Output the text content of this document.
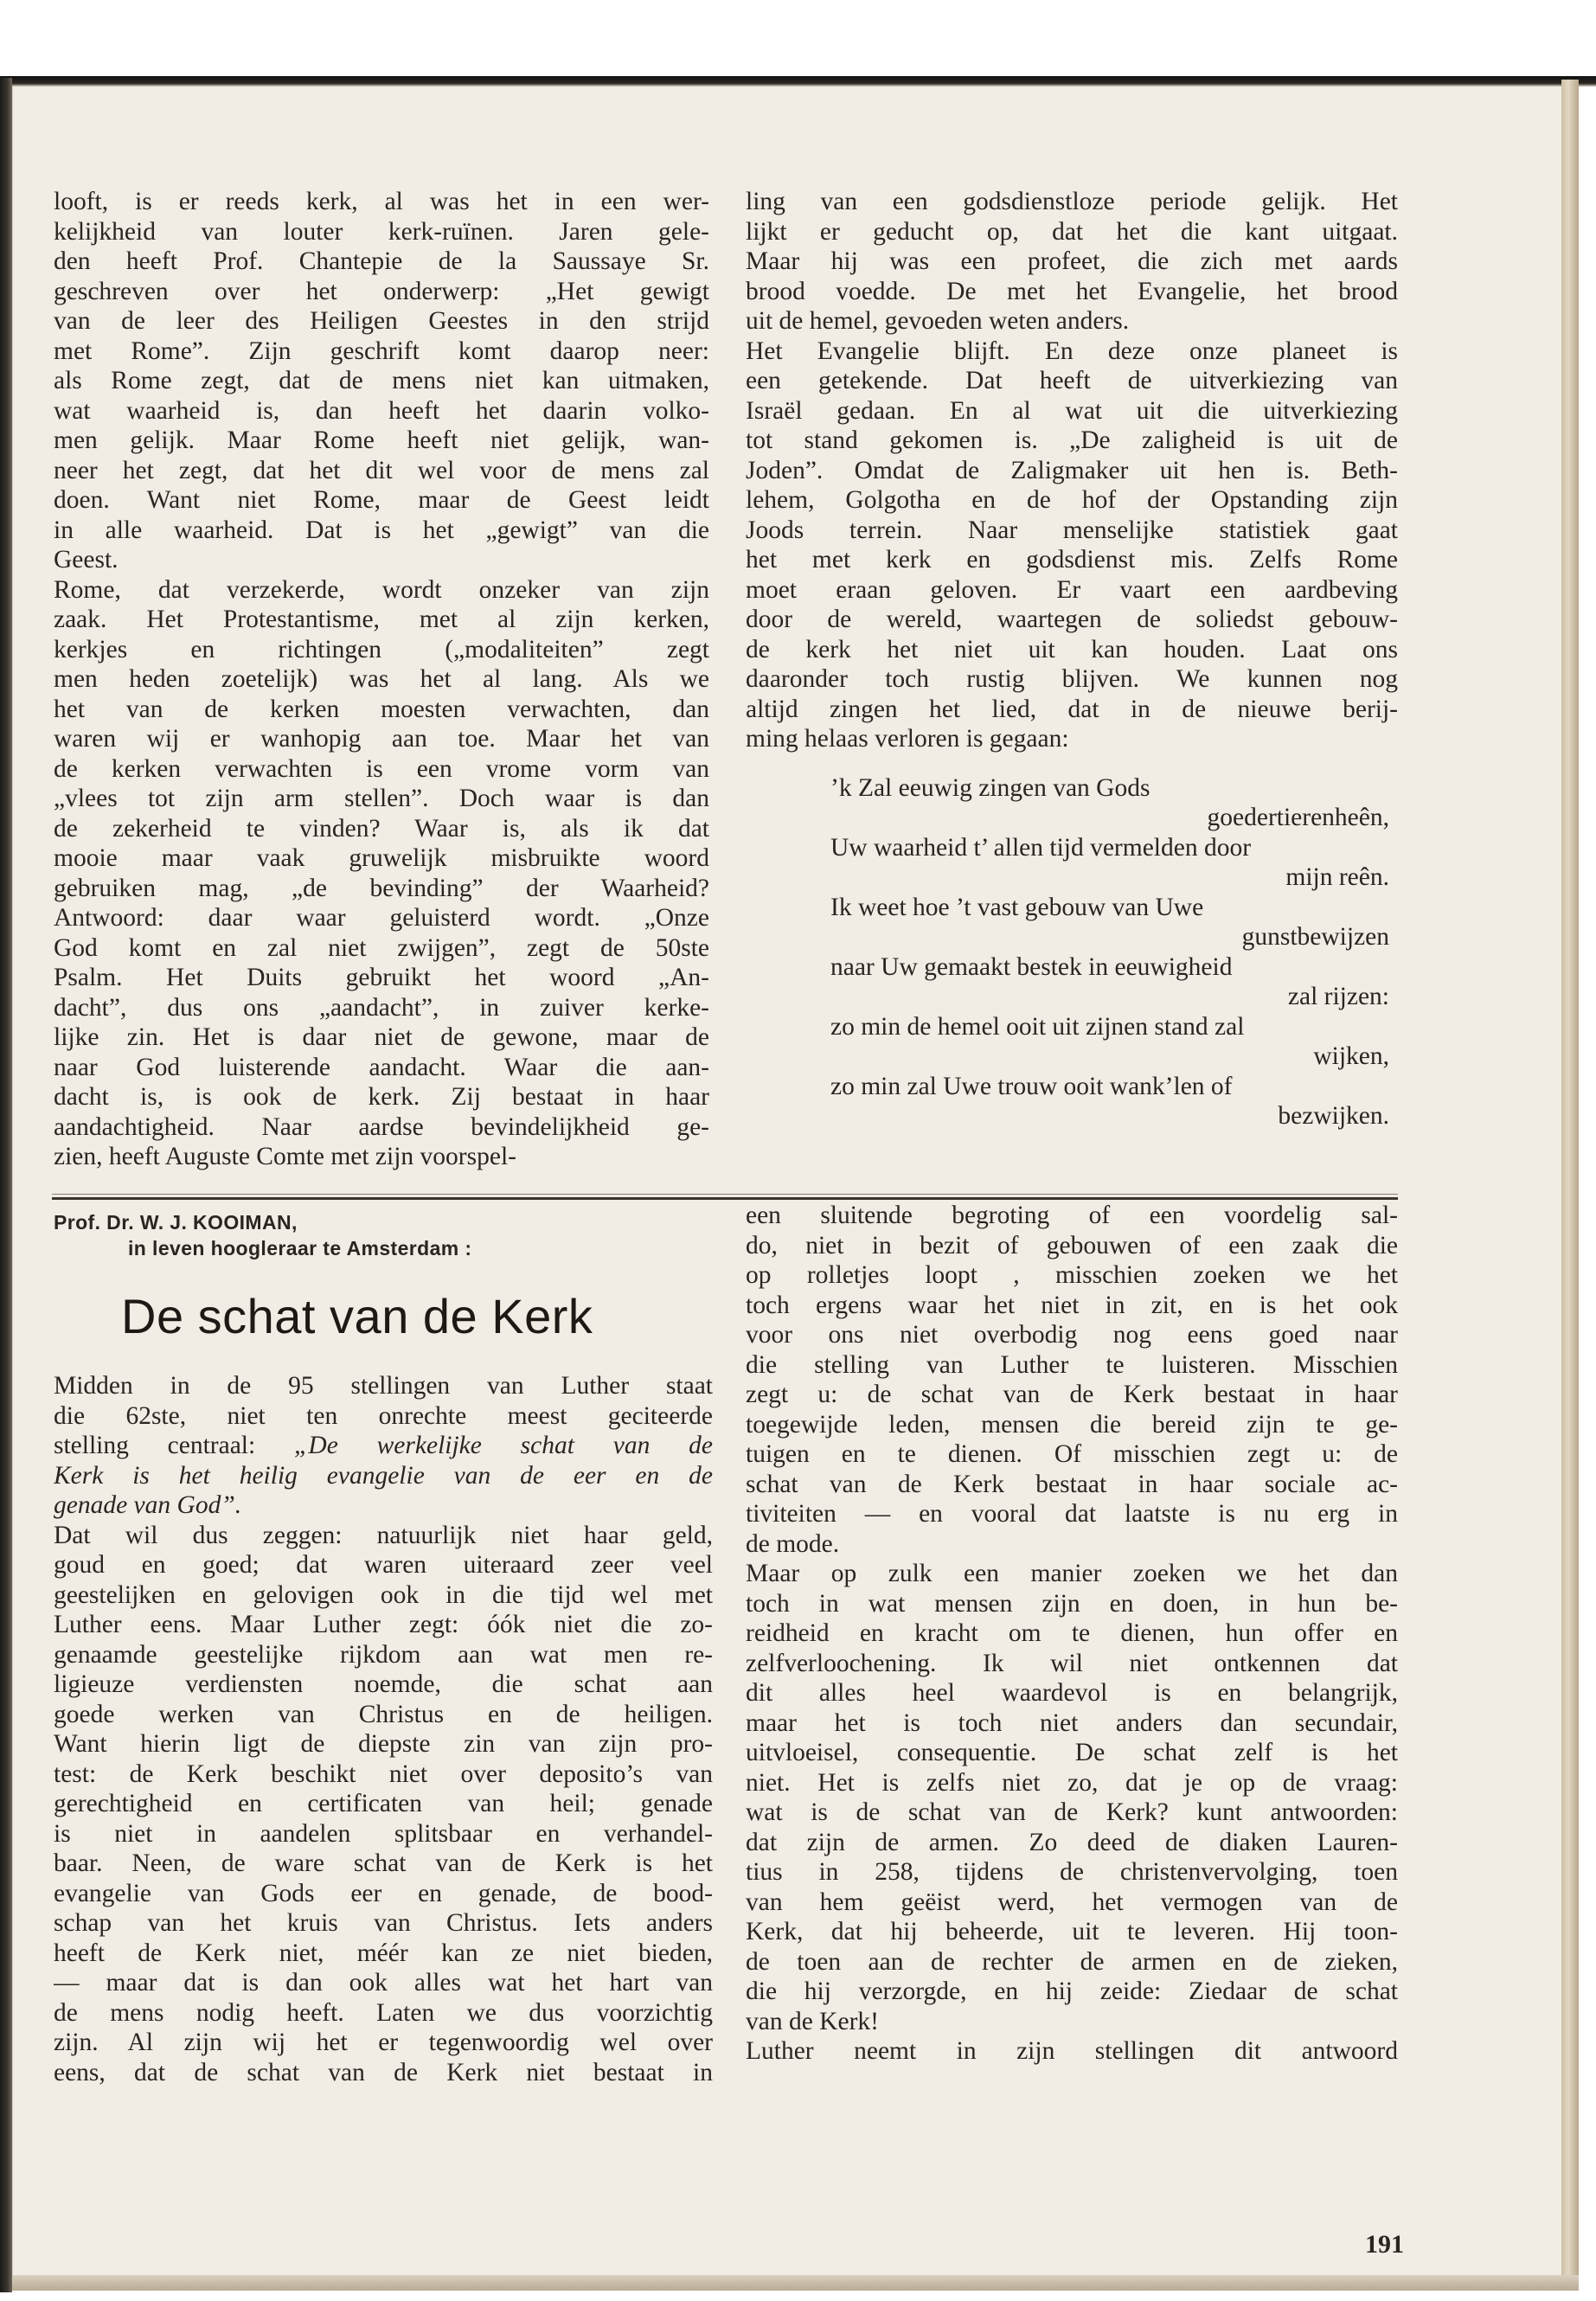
looft, is er reeds kerk, al was het in een wer-
kelijkheid van louter kerk-ruïnen. Jaren gele-
den heeft Prof. Chantepie de la Saussaye Sr.
geschreven over het onderwerp: „Het gewigt
van de leer des Heiligen Geestes in den strijd
met Rome”. Zijn geschrift komt daarop neer:
als Rome zegt, dat de mens niet kan uitmaken,
wat waarheid is, dan heeft het daarin volko-
men gelijk. Maar Rome heeft niet gelijk, wan-
neer het zegt, dat het dit wel voor de mens zal
doen. Want niet Rome, maar de Geest leidt
in alle waarheid. Dat is het „gewigt” van die
Geest.
Rome, dat verzekerde, wordt onzeker van zijn
zaak. Het Protestantisme, met al zijn kerken,
kerkjes en richtingen („modaliteiten” zegt
men heden zoetelijk) was het al lang. Als we
het van de kerken moesten verwachten, dan
waren wij er wanhopig aan toe. Maar het van
de kerken verwachten is een vrome vorm van
„vlees tot zijn arm stellen”. Doch waar is dan
de zekerheid te vinden? Waar is, als ik dat
mooie maar vaak gruwelijk misbruikte woord
gebruiken mag, „de bevinding” der Waarheid?
Antwoord: daar waar geluisterd wordt. „Onze
God komt en zal niet zwijgen”, zegt de 50ste
Psalm. Het Duits gebruikt het woord „An-
dacht”, dus ons „aandacht”, in zuiver kerke-
lijke zin. Het is daar niet de gewone, maar de
naar God luisterende aandacht. Waar die aan-
dacht is, is ook de kerk. Zij bestaat in haar
aandachtigheid. Naar aardse bevindelijkheid ge-
zien, heeft Auguste Comte met zijn voorspel-
ling van een godsdienstloze periode gelijk. Het
lijkt er geducht op, dat het die kant uitgaat.
Maar hij was een profeet, die zich met aards
brood voedde. De met het Evangelie, het brood
uit de hemel, gevoeden weten anders.
Het Evangelie blijft. En deze onze planeet is
een getekende. Dat heeft de uitverkiezing van
Israël gedaan. En al wat uit die uitverkiezing
tot stand gekomen is. „De zaligheid is uit de
Joden”. Omdat de Zaligmaker uit hen is. Beth-
lehem, Golgotha en de hof der Opstanding zijn
Joods terrein. Naar menselijke statistiek gaat
het met kerk en godsdienst mis. Zelfs Rome
moet eraan geloven. Er vaart een aardbeving
door de wereld, waartegen de soliedst gebouw-
de kerk het niet uit kan houden. Laat ons
daaronder toch rustig blijven. We kunnen nog
altijd zingen het lied, dat in de nieuwe berij-
ming helaas verloren is gegaan:
’k Zal eeuwig zingen van Gods
goedertierenheên,
Uw waarheid t’ allen tijd vermelden door
mijn reên.
Ik weet hoe ’t vast gebouw van Uwe
gunstbewijzen
naar Uw gemaakt bestek in eeuwigheid
zal rijzen:
zo min de hemel ooit uit zijnen stand zal
wijken,
zo min zal Uwe trouw ooit wank’len of
bezwijken.
Prof. Dr. W. J. KOOIMAN,
in leven hoogleraar te Amsterdam :
De schat van de Kerk
Midden in de 95 stellingen van Luther staat
die 62ste, niet ten onrechte meest geciteerde
stelling centraal: „De werkelijke schat van de
Kerk is het heilig evangelie van de eer en de
genade van God”.
Dat wil dus zeggen: natuurlijk niet haar geld,
goud en goed; dat waren uiteraard zeer veel
geestelijken en gelovigen ook in die tijd wel met
Luther eens. Maar Luther zegt: óók niet die zo-
genaamde geestelijke rijkdom aan wat men re-
ligieuze verdiensten noemde, die schat aan
goede werken van Christus en de heiligen.
Want hierin ligt de diepste zin van zijn pro-
test: de Kerk beschikt niet over deposito’s van
gerechtigheid en certificaten van heil; genade
is niet in aandelen splitsbaar en verhandel-
baar. Neen, de ware schat van de Kerk is het
evangelie van Gods eer en genade, de bood-
schap van het kruis van Christus. Iets anders
heeft de Kerk niet, méér kan ze niet bieden,
— maar dat is dan ook alles wat het hart van
de mens nodig heeft. Laten we dus voorzichtig
zijn. Al zijn wij het er tegenwoordig wel over
eens, dat de schat van de Kerk niet bestaat in
een sluitende begroting of een voordelig sal-
do, niet in bezit of gebouwen of een zaak die
op rolletjes loopt , misschien zoeken we het
toch ergens waar het niet in zit, en is het ook
voor ons niet overbodig nog eens goed naar
die stelling van Luther te luisteren. Misschien
zegt u: de schat van de Kerk bestaat in haar
toegewijde leden, mensen die bereid zijn te ge-
tuigen en te dienen. Of misschien zegt u: de
schat van de Kerk bestaat in haar sociale ac-
tiviteiten — en vooral dat laatste is nu erg in
de mode.
Maar op zulk een manier zoeken we het dan
toch in wat mensen zijn en doen, in hun be-
reidheid en kracht om te dienen, hun offer en
zelfverloochening. Ik wil niet ontkennen dat
dit alles heel waardevol is en belangrijk,
maar het is toch niet anders dan secundair,
uitvloeisel, consequentie. De schat zelf is het
niet. Het is zelfs niet zo, dat je op de vraag:
wat is de schat van de Kerk? kunt antwoorden:
dat zijn de armen. Zo deed de diaken Lauren-
tius in 258, tijdens de christenvervolging, toen
van hem geëist werd, het vermogen van de
Kerk, dat hij beheerde, uit te leveren. Hij toon-
de toen aan de rechter de armen en de zieken,
die hij verzorgde, en hij zeide: Ziedaar de schat
van de Kerk!
Luther neemt in zijn stellingen dit antwoord
191
